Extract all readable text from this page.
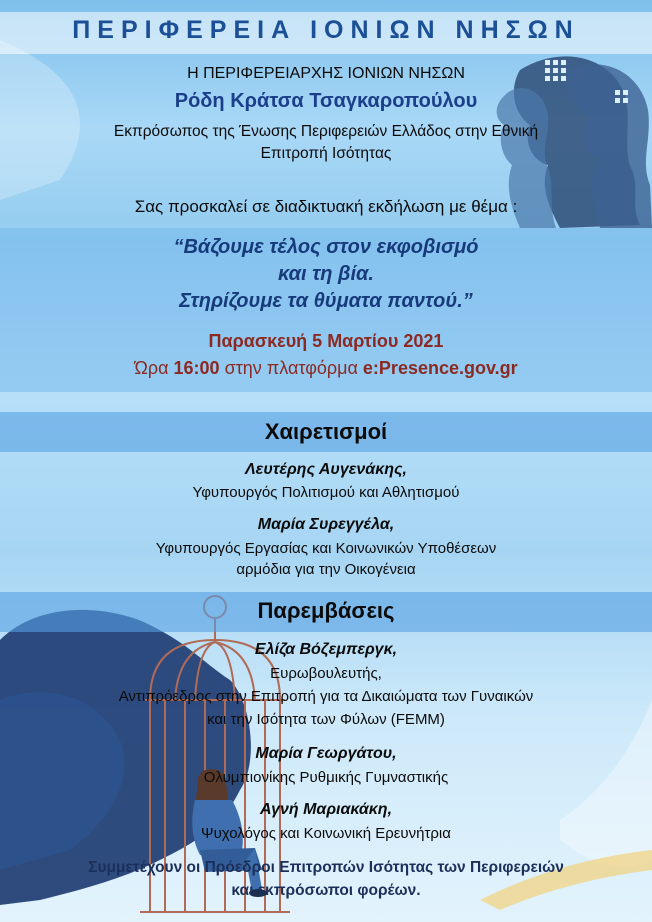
ΠΕΡΙΦΕΡΕΙΑ ΙΟΝΙΩΝ ΝΗΣΩΝ
Η ΠΕΡΙΦΕΡΕΙΑΡΧΗΣ ΙΟΝΙΩΝ ΝΗΣΩΝ
Ρόδη Κράτσα Τσαγκαροπούλου
Εκπρόσωπος της Ένωσης Περιφερειών Ελλάδος στην Εθνική
Επιτροπή Ισότητας
Σας προσκαλεί σε διαδικτυακή εκδήλωση με θέμα :
“Βάζουμε τέλος στον εκφοβισμό
και τη βία.
Στηρίζουμε τα θύματα παντού.”
Παρασκευή 5 Μαρτίου 2021
Ώρα 16:00 στην πλατφόρμα e:Presence.gov.gr
Χαιρετισμοί
Λευτέρης Αυγενάκης,
Υφυπουργός Πολιτισμού και Αθλητισμού
Μαρία Συρεγγέλα,
Υφυπουργός Εργασίας και Κοινωνικών Υποθέσεων
αρμόδια για την Οικογένεια
Παρεμβάσεις
Ελίζα Βόζεμπεργκ,
Ευρωβουλευτής,
Αντιπρόεδρος στην Επιτροπή για τα Δικαιώματα των Γυναικών
και την Ισότητα των Φύλων (FEMM)
Μαρία Γεωργάτου,
Ολυμπιονίκης Ρυθμικής Γυμναστικής
Αγνή Μαριακάκη,
Ψυχολόγος και Κοινωνική Ερευνήτρια
Συμμετέχουν οι Πρόεδροι Επιτροπών Ισότητας των Περιφερειών
και εκπρόσωποι φορέων.
